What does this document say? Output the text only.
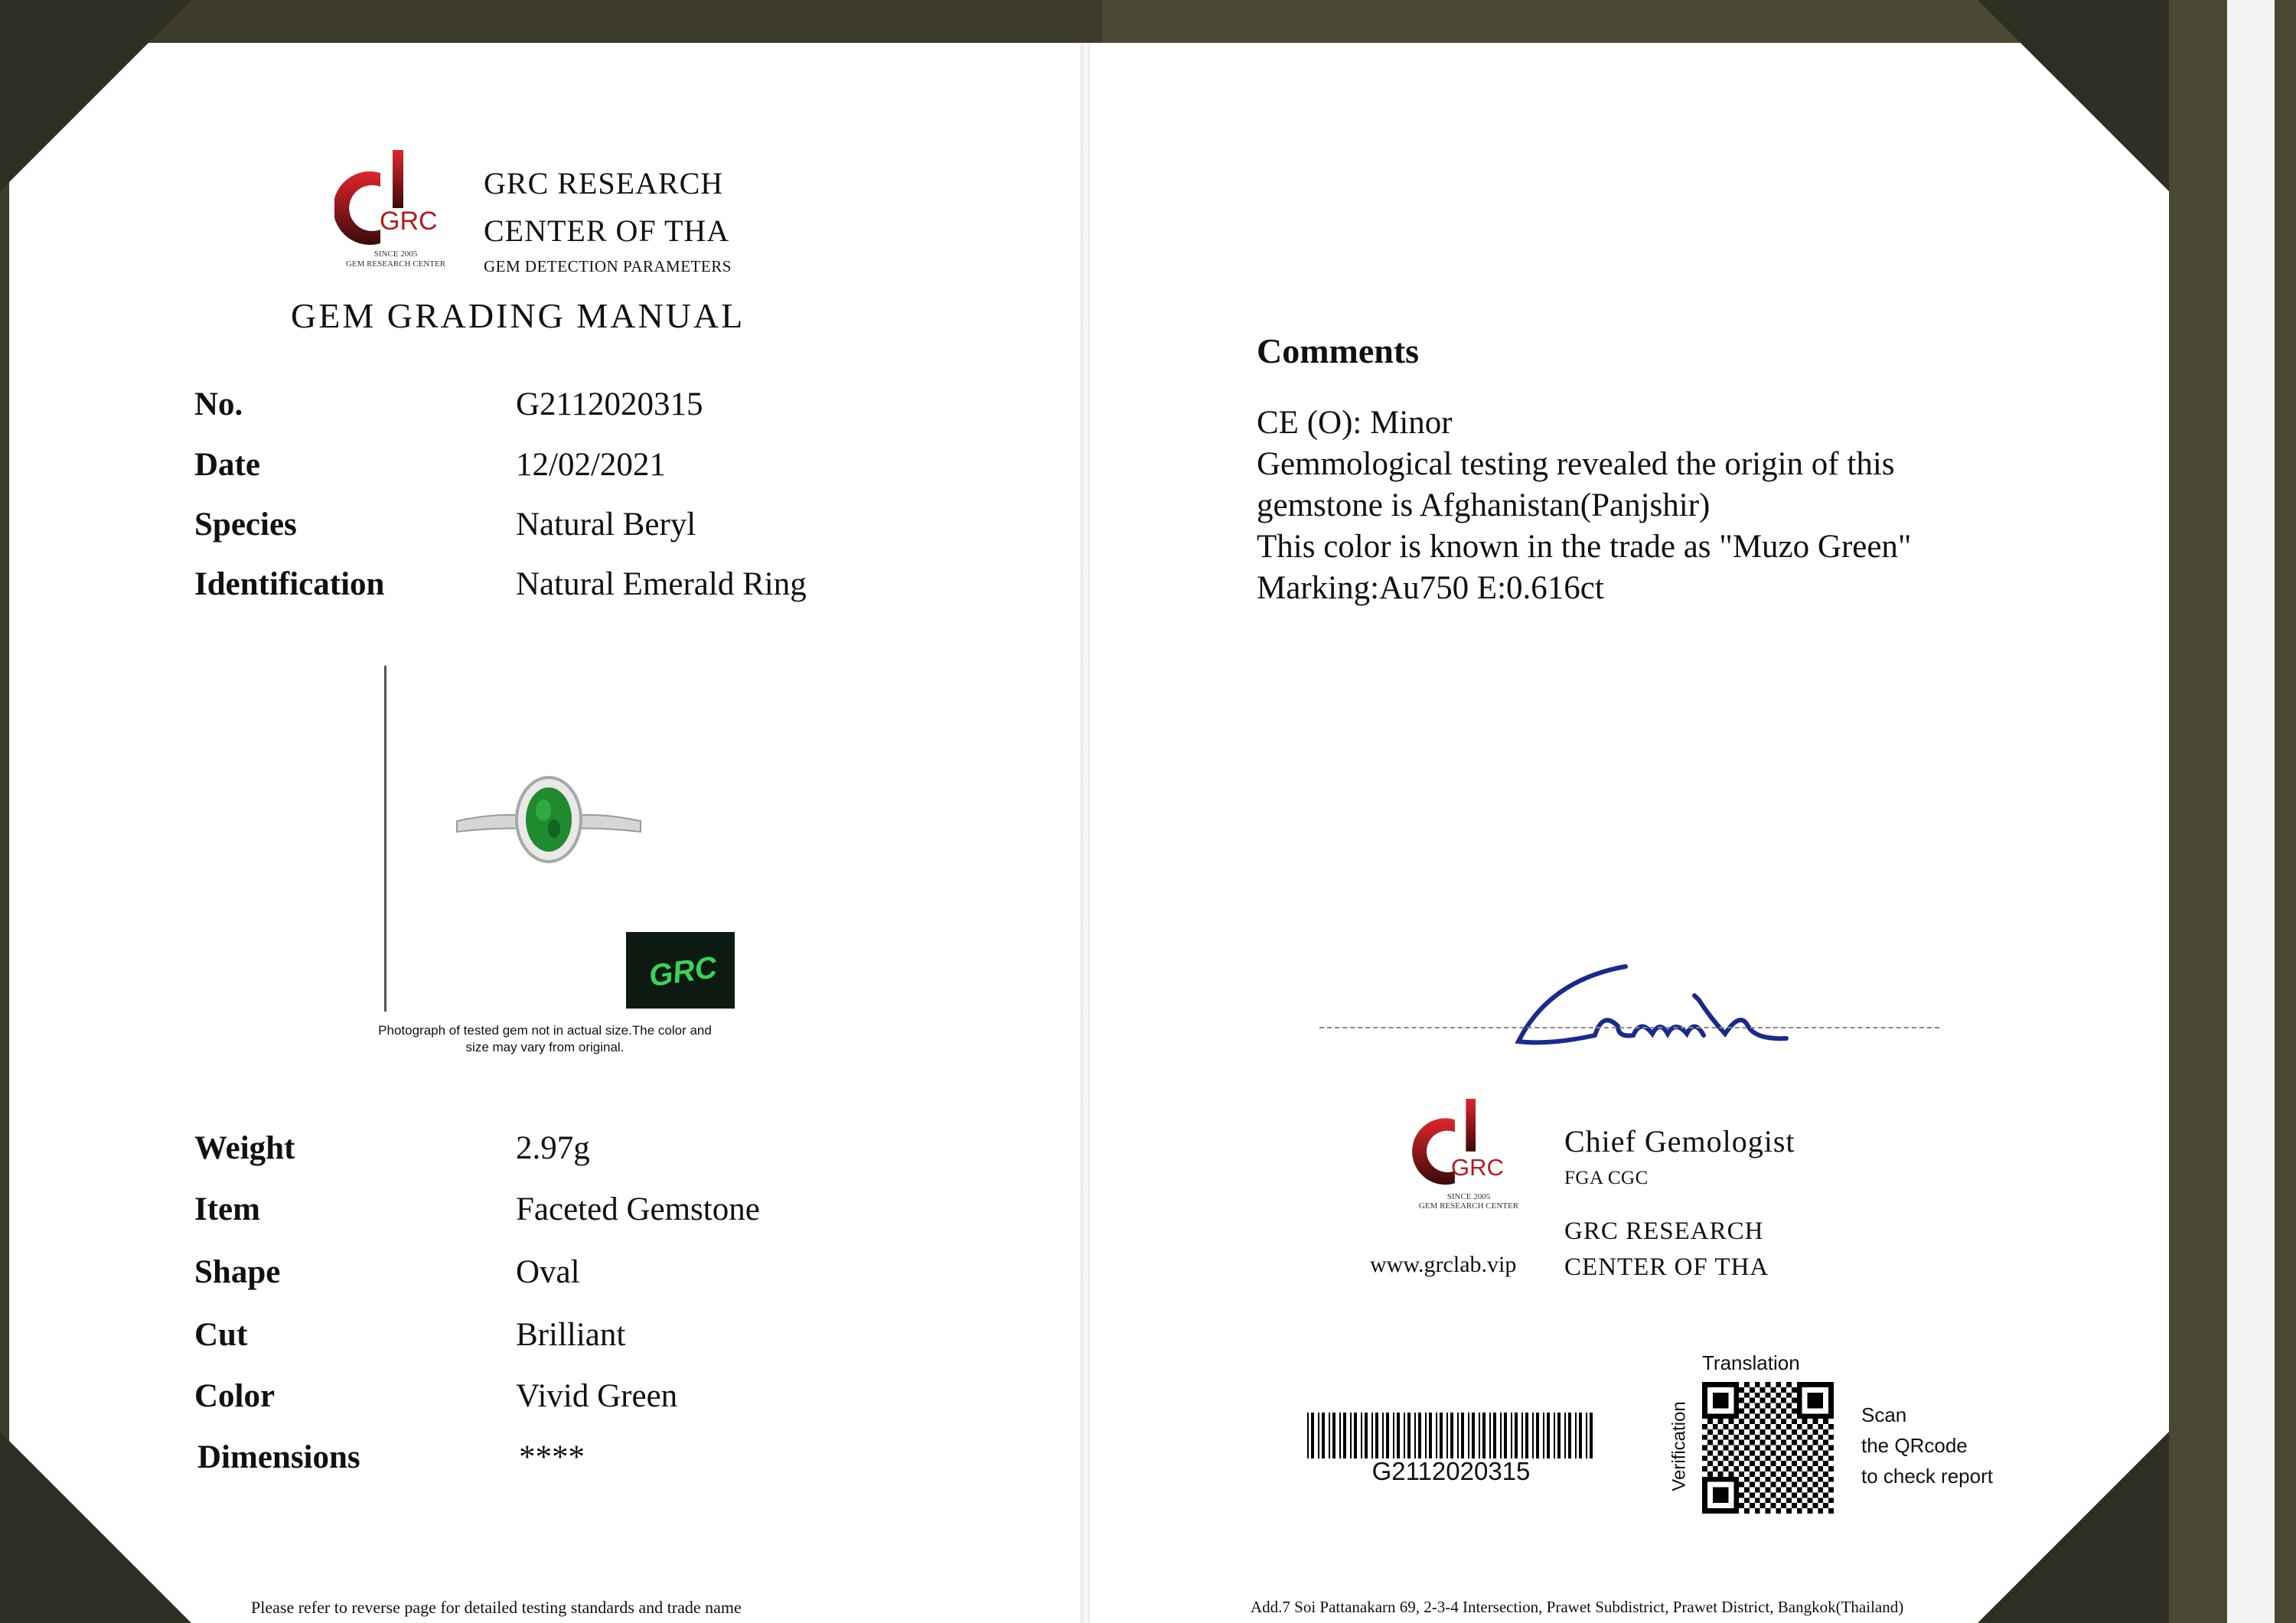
GRC
SINCE 2005
GEM RESEARCH CENTER
GRC RESEARCH
CENTER OF THA
GEM DETECTION PARAMETERS
GEM GRADING MANUAL
No.	G2112020315
Date	12/02/2021
Species	Natural Beryl
Identification	Natural Emerald Ring
GRC
Photograph of tested gem not in actual size.The color and
size may vary from original.
Weight	2.97g
Item	Faceted Gemstone
Shape	Oval
Cut	Brilliant
Color	Vivid Green
Dimensions	****
Please refer to reverse page for detailed testing standards and trade name
Comments
CE (O): Minor
Gemmological testing revealed the origin of this
gemstone is Afghanistan(Panjshir)
This color is known in the trade as "Muzo Green"
Marking:Au750 E:0.616ct
GRC
SINCE 2005
GEM RESEARCH CENTER
www.grclab.vip
Chief Gemologist
FGA CGC
GRC RESEARCH
CENTER OF THA
G2112020315
Translation
Verification	Scan
the QRcode
to check report
Add.7 Soi Pattanakarn 69, 2-3-4 Intersection, Prawet Subdistrict, Prawet District, Bangkok(Thailand)
